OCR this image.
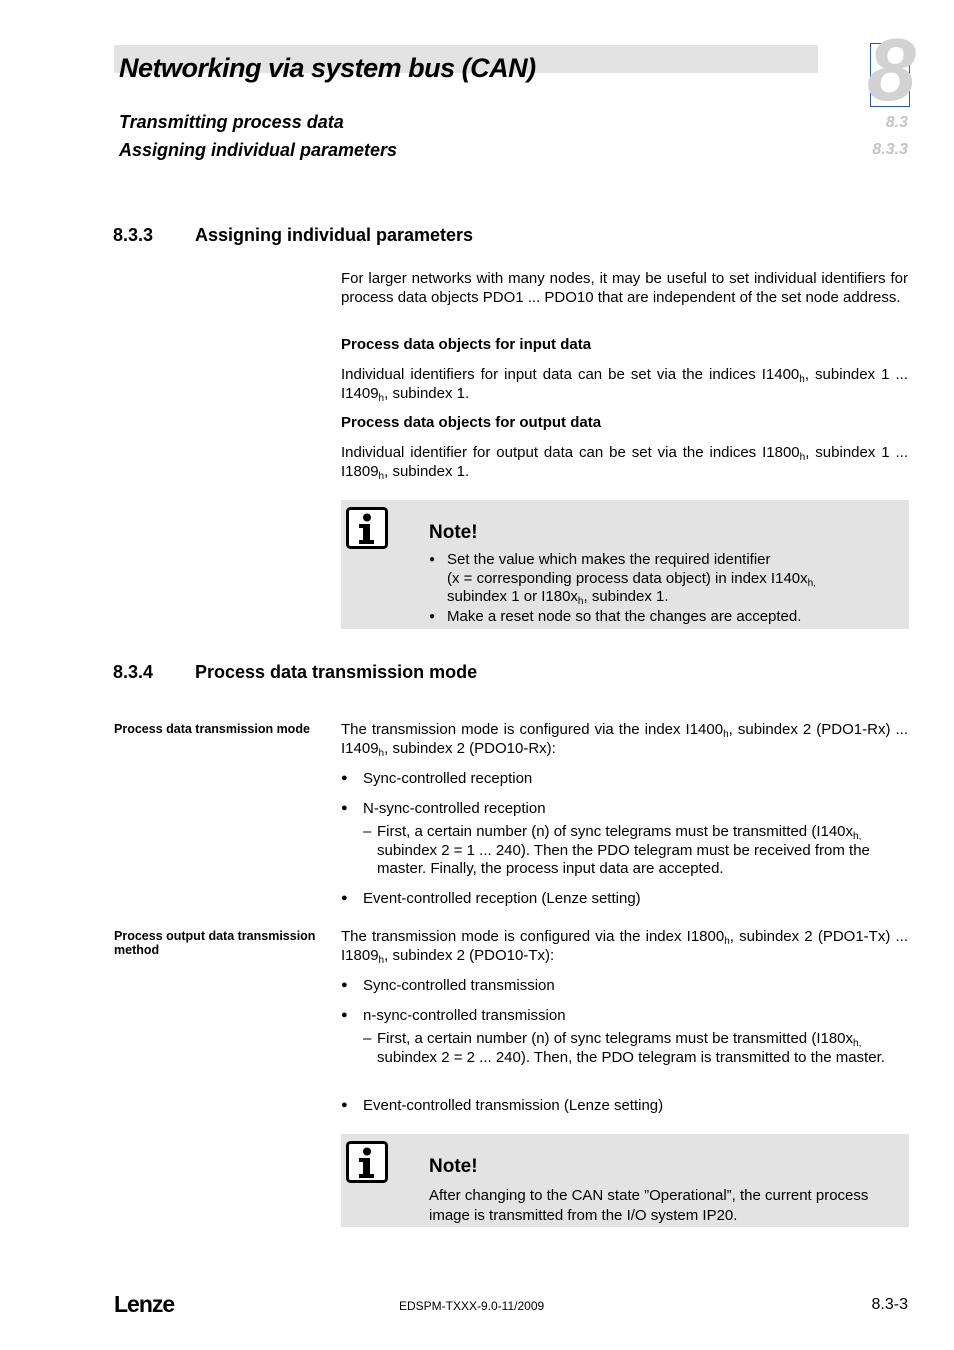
Networking via system bus (CAN)
Transmitting process data
Assigning individual parameters
8
8.3
8.3.3
8.3.3 Assigning individual parameters
For larger networks with many nodes, it may be useful to set individual identifiers for process data objects PDO1 ... PDO10 that are independent of the set node address.
Process data objects for input data
Individual identifiers for input data can be set via the indices $I1400_h$, subindex 1 ... $I1409_h$, subindex 1.
Process data objects for output data
Individual identifier for output data can be set via the indices $I1800_h$, subindex 1 ... $I1809_h$, subindex 1.
Note!
● Set the value which makes the required identifier
(x = corresponding process data object) in index $I140x_{h,}$
subindex 1 or $I180x_h$, subindex 1.
● Make a reset node so that the changes are accepted.
8.3.4 Process data transmission mode
Process data transmission mode	The transmission mode is configured via the index $I1400_h$, subindex 2 (PDO1-Rx) ... $I1409_h$, subindex 2 (PDO10-Rx):
● Sync-controlled reception
● N-sync-controlled reception
– First, a certain number (n) of sync telegrams must be transmitted ($I140x_{h,}$ subindex 2 = 1 ... 240). Then the PDO telegram must be received from the master. Finally, the process input data are accepted.
● Event-controlled reception (Lenze setting)
Process output data transmission method
The transmission mode is configured via the index $I1800_h$, subindex 2 (PDO1-Tx) ... $I1809_h$, subindex 2 (PDO10-Tx):
● Sync-controlled transmission
● n-sync-controlled transmission
– First, a certain number (n) of sync telegrams must be transmitted ($I180x_{h,}$ subindex 2 = 2 ... 240). Then, the PDO telegram is transmitted to the master.
● Event-controlled transmission (Lenze setting)
Note!
After changing to the CAN state ”Operational”, the current process image is transmitted from the I/O system IP20.
Lenze	EDSPM-TXXX-9.0-11/2009	8.3-3
